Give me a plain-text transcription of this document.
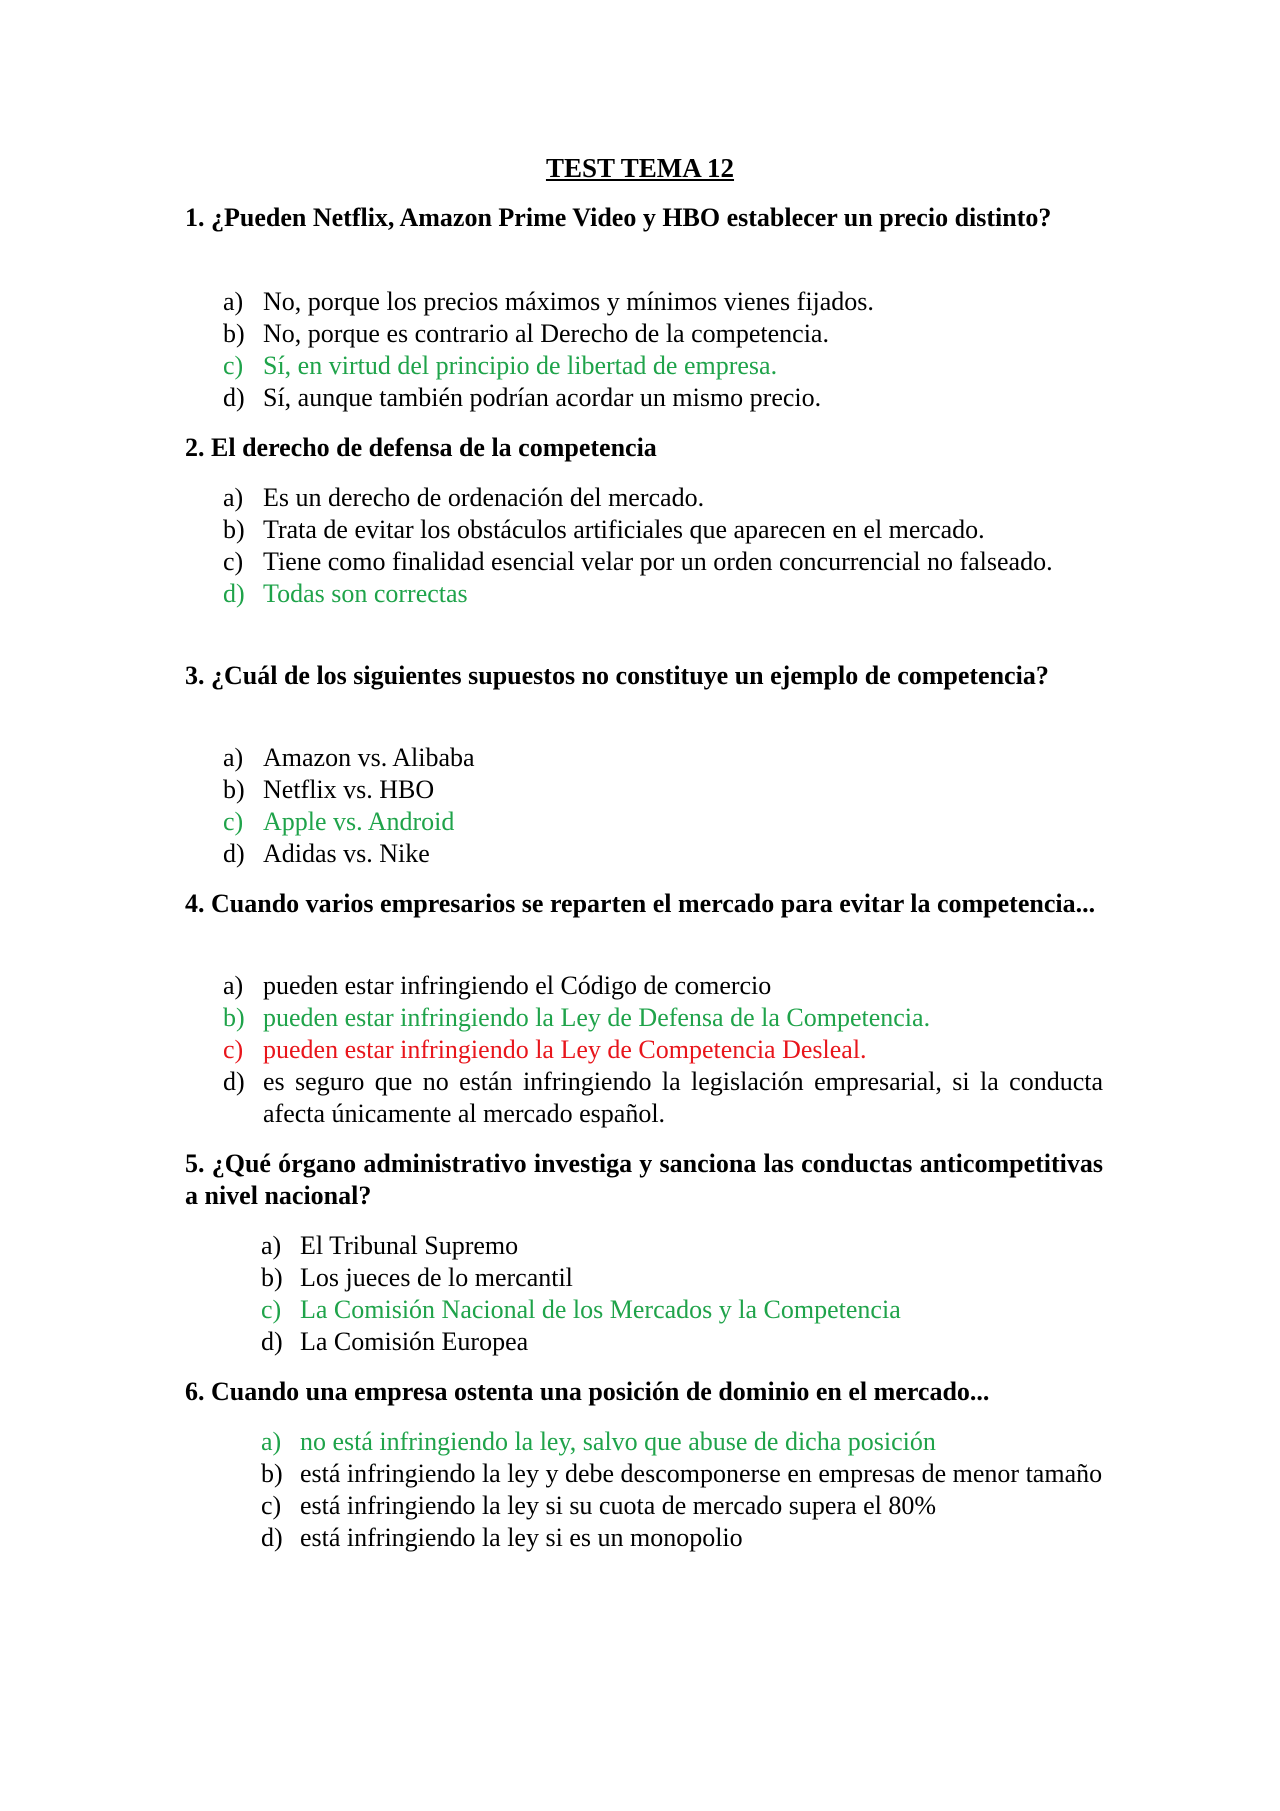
TEST TEMA 12
1. ¿Pueden Netflix, Amazon Prime Video y HBO establecer un precio distinto?
a) No, porque los precios máximos y mínimos vienes fijados.
b) No, porque es contrario al Derecho de la competencia.
c) Sí, en virtud del principio de libertad de empresa.
d) Sí, aunque también podrían acordar un mismo precio.
2. El derecho de defensa de la competencia
a) Es un derecho de ordenación del mercado.
b) Trata de evitar los obstáculos artificiales que aparecen en el mercado.
c) Tiene como finalidad esencial velar por un orden concurrencial no falseado.
d) Todas son correctas
3. ¿Cuál de los siguientes supuestos no constituye un ejemplo de competencia?
a) Amazon vs. Alibaba
b) Netflix vs. HBO
c) Apple vs. Android
d) Adidas vs. Nike
4. Cuando varios empresarios se reparten el mercado para evitar la competencia...
a) pueden estar infringiendo el Código de comercio
b) pueden estar infringiendo la Ley de Defensa de la Competencia.
c) pueden estar infringiendo la Ley de Competencia Desleal.
d) es seguro que no están infringiendo la legislación empresarial, si la conducta afecta únicamente al mercado español.
5. ¿Qué órgano administrativo investiga y sanciona las conductas anticompetitivas a nivel nacional?
a) El Tribunal Supremo
b) Los jueces de lo mercantil
c) La Comisión Nacional de los Mercados y la Competencia
d) La Comisión Europea
6. Cuando una empresa ostenta una posición de dominio en el mercado...
a) no está infringiendo la ley, salvo que abuse de dicha posición
b) está infringiendo la ley y debe descomponerse en empresas de menor tamaño
c) está infringiendo la ley si su cuota de mercado supera el 80%
d) está infringiendo la ley si es un monopolio
